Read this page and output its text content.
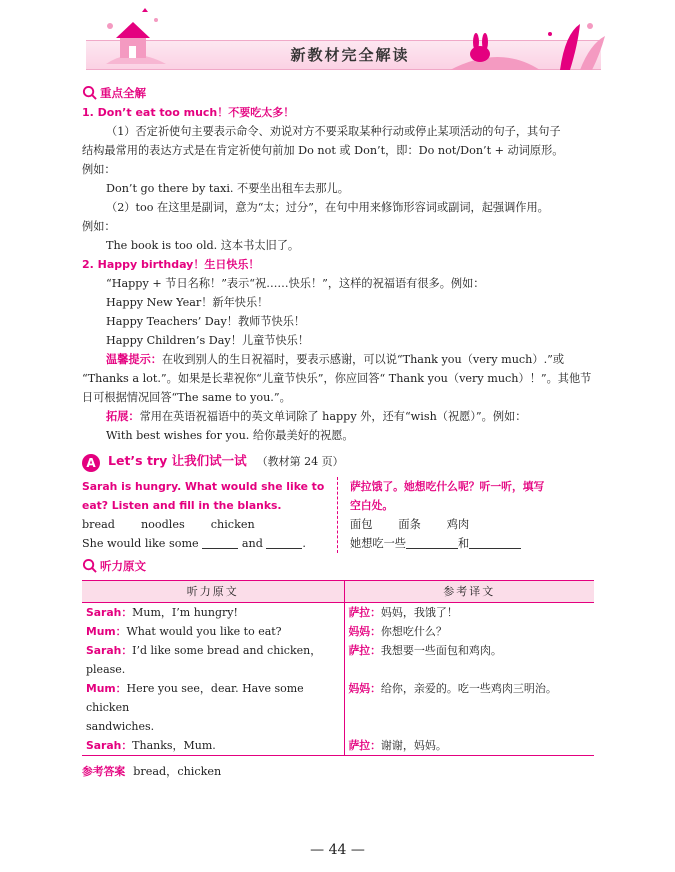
新教材完全解读
重点全解
1. Don’t eat too much！不要吃太多！
（1）否定祈使句主要表示命令、劝说对方不要采取某种行动或停止某项活动的句子，其句子
结构最常用的表达方式是在肯定祈使句前加 Do not 或 Don’t，即：Do not/Don’t + 动词原形。
例如：
Don’t go there by taxi. 不要坐出租车去那儿。
（2）too 在这里是副词，意为“太；过分”，在句中用来修饰形容词或副词，起强调作用。
例如：
The book is too old. 这本书太旧了。
2. Happy birthday！生日快乐！
“Happy + 节日名称！”表示“祝……快乐！”，这样的祝福语有很多。例如：
Happy New Year！新年快乐！
Happy Teachers’ Day！教师节快乐！
Happy Children’s Day！儿童节快乐！
温馨提示：在收到别人的生日祝福时，要表示感谢，可以说“Thank you（very much）.”或
“Thanks a lot.”。如果是长辈祝你“儿童节快乐”，你应回答“ Thank you（very much）！”。其他节
日可根据情况回答“The same to you.”。
拓展：常用在英语祝福语中的英文单词除了 happy 外，还有“wish（祝愿）”。例如：
With best wishes for you. 给你最美好的祝愿。
A Let’s try 让我们试一试 （教材第 24 页）
Sarah is hungry. What would she like to
eat? Listen and fill in the blanks.
bread noodles chicken
She would like some	and	.
萨拉饿了。她想吃什么呢？听一听，填写
空白处。
面包 面条 鸡肉
她想吃一些	和
听力原文
听力原文	参考译文
Sarah：Mum，I’m hungry!	萨拉：妈妈，我饿了！
Mum：What would you like to eat?	妈妈：你想吃什么？
Sarah：I’d like some bread and chicken，
please.	萨拉：我想要一些面包和鸡肉。
Mum：Here you see，dear. Have some chicken
sandwiches.	妈妈：给你，亲爱的。吃一些鸡肉三明治。
Sarah：Thanks，Mum.	萨拉：谢谢，妈妈。
参考答案 bread，chicken
— 44 —
